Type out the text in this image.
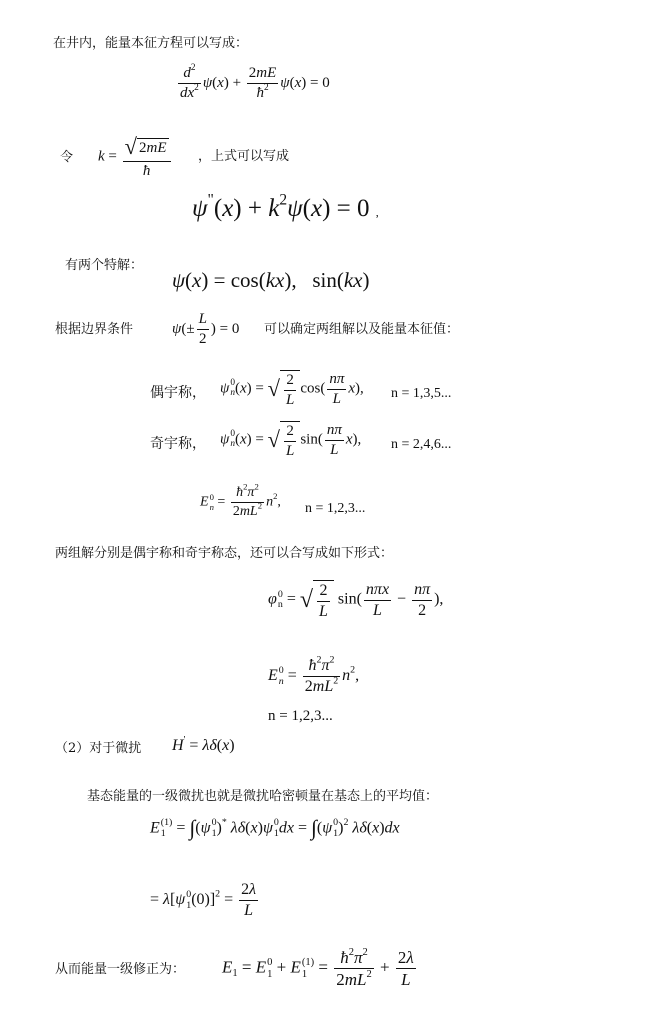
在井内，能量本征方程可以写成：
$\frac{d^2}{dx^2} \psi(x) + \frac{2mE}{ħ^2} \psi(x) = 0$
令 $k = \frac{√ 2mE}{ħ}$ ，上式可以写成
$\psi^"(x) + k^2\psi(x) = 0$ ,
有两个特解：
ψ(x) = cos(kx),   sin(kx)
根据边界条件	$\psi(\pm \frac{L}{2}$ ) = 0 可以确定两组解以及能量本征值：
偶宇称， ψ 0
n (x) = √ $\frac{2}{L} \cos( \frac{n\pi}{L} x)$, n = 1,3,5...
奇宇称， ψ 0
n (x) = √ $\frac{2}{L} \sin( \frac{n\pi}{L} x)$, n = 2,4,6...
E 0
$n = \frac{ħ^2\pi^2}{2mL^2} n^2$, n = 1,2,3...
两组解分别是偶宇称和奇宇称态，还可以合写成如下形式：
φ 0
n = √ $\frac{2}{L} \sin( \frac{\text{nπx}}{L} - \frac{n\pi}{2}$ ),
E 0
$n = \frac{ħ^2\pi^2}{2mL^2} n^2$,
n = 1,2,3...
（2）对于微扰 H' = λδ(x)
基态能量的一级微扰也就是微扰哈密顿量在基态上的平均值：
E (1)
1 = ∫(ψ 0
1 )* λδ(x)ψ 0
1 dx = ∫(ψ 0
1 )$^2$ λδ(x)dx
= λ[ψ 0
1 $(0)]^2 = \frac{2\lambda}{L}$
从而能量一级修正为： $E_1 = E$ 0
1 + E (1)
$1 = \frac{ħ^2\pi^2}{2mL^2} + \frac{2\lambda}{L}$
